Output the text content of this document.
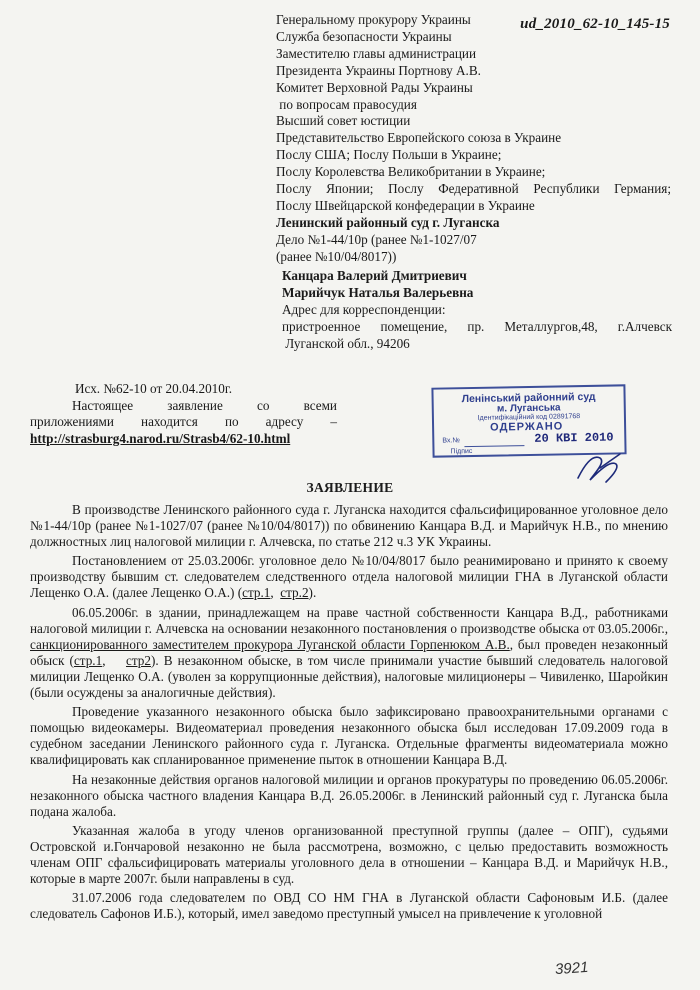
ud_2010_62-10_145-15
Генеральному прокурору Украины
Служба безопасности Украины
Заместителю главы администрации
Президента Украины Портнову А.В.
Комитет Верховной Рады Украины
по вопросам правосудия
Высший совет юстиции
Представительство Европейского союза в Украине
Послу США; Послу Польши в Украине;
Послу Королевства Великобритании в Украине;
Послу Японии; Послу Федеративной Республики Германия;
Послу Швейцарской конфедерации в Украине
Ленинский районный суд г. Луганска
Дело №1-44/10р (ранее №1-1027/07
(ранее №10/04/8017))
Канцара Валерий Дмитриевич
Марийчук Наталья Валерьевна
Адрес для корреспонденции:
пристроенное помещение, пр. Металлургов,48, г.Алчевск
Луганской обл., 94206
Исх. №62-10 от 20.04.2010г.
Настоящее заявление со всеми
приложениями находится по адресу –
http://strasburg4.narod.ru/Strasb4/62-10.html
Ленінський районний суд
м. Луганська
Ідентифікаційний код 02891768
ОДЕРЖАНО
Вх.№	20 КВІ 2010
Підпис
ЗАЯВЛЕНИЕ

В производстве Ленинского районного суда г. Луганска находится сфальсифицированное уголовное дело №1-44/10р (ранее №1-1027/07 (ранее №10/04/8017)) по обвинению Канцара В.Д. и Марийчук Н.В., по мнению должностных лиц налоговой милиции г. Алчевска, по статье 212 ч.3 УК Украины.

Постановлением от 25.03.2006г. уголовное дело №10/04/8017 было реанимировано и принято к своему производству бывшим ст. следователем следственного отдела налоговой милиции ГНА в Луганской области Лещенко О.А. (далее Лещенко О.А.) (стр.1,  стр.2).

06.05.2006г. в здании, принадлежащем на праве частной собственности Канцара В.Д., работниками налоговой милиции г. Алчевска на основании незаконного постановления о производстве обыска от 03.05.2006г., санкционированного заместителем прокурора Луганской области Горпенюком А.В., был проведен незаконный обыск (стр.1,    стр2). В незаконном обыске, в том числе принимали участие бывший следователь налоговой милиции Лещенко О.А. (уволен за коррупционные действия), налоговые милиционеры – Чивиленко, Шаройкин (были осуждены за аналогичные действия).

Проведение указанного незаконного обыска было зафиксировано правоохранительными органами с помощью видеокамеры. Видеоматериал проведения незаконного обыска был исследован 17.09.2009 года в судебном заседании Ленинского районного суда г. Луганска. Отдельные фрагменты видеоматериала можно квалифицировать как спланированное применение пыток в отношении Канцара В.Д.

На незаконные действия органов налоговой милиции и органов прокуратуры по проведению 06.05.2006г. незаконного обыска частного владения Канцара В.Д. 26.05.2006г. в Ленинский районный суд г. Луганска была подана жалоба.

Указанная жалоба в угоду членов организованной преступной группы (далее – ОПГ), судьями Островской и.Гончаровой незаконно не была рассмотрена, возможно, с целью предоставить возможность членам ОПГ сфальсифицировать материалы уголовного дела в отношении – Канцара В.Д. и Марийчук Н.В., которые в марте 2007г. были направлены в суд.

31.07.2006 года следователем по ОВД СО НМ ГНА в Луганской области Сафоновым И.Б. (далее следователь Сафонов И.Б.), который, имел заведомо преступный умысел на привлечение к уголовной

3921
